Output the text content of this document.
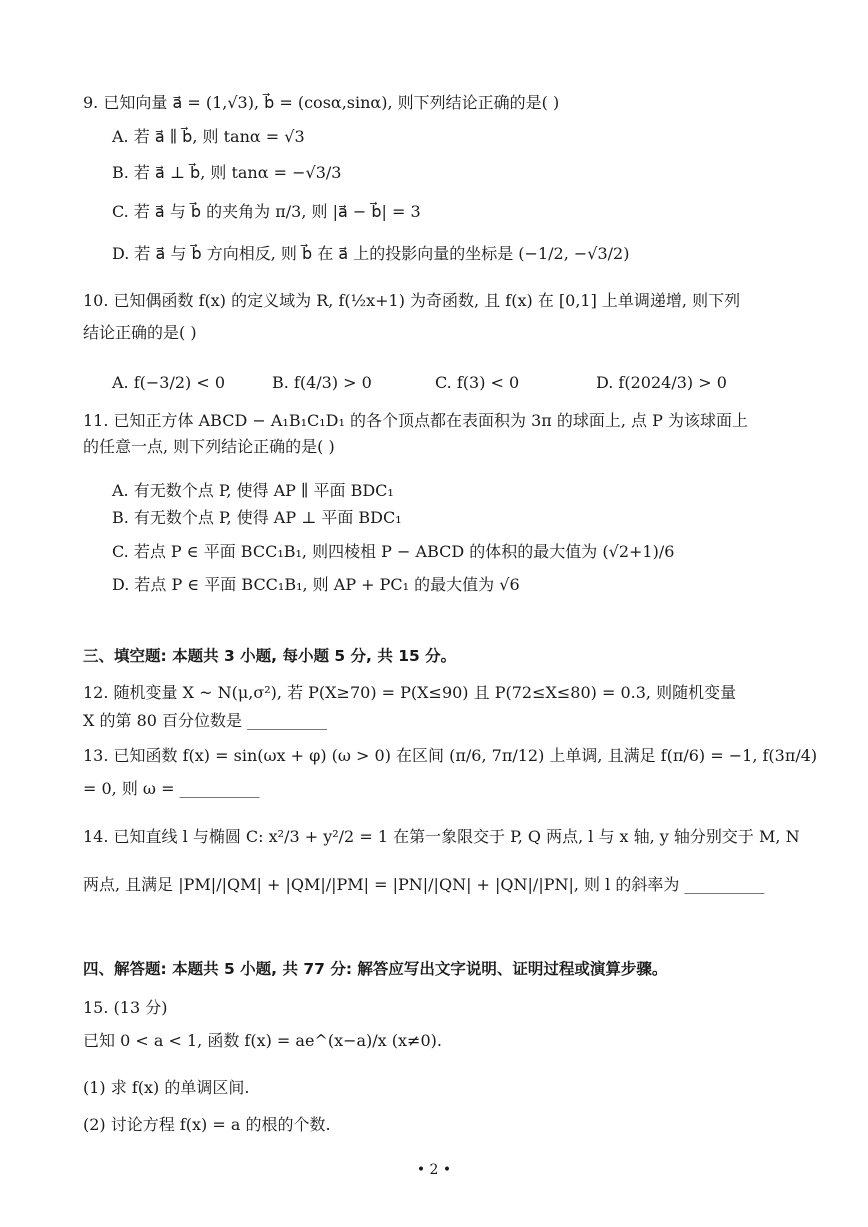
9. 已知向量 a⃗ = (1,√3), b⃗ = (cosα,sinα), 则下列结论正确的是( )
A. 若 a⃗ ∥ b⃗, 则 tanα = √3
B. 若 a⃗ ⊥ b⃗, 则 tanα = −√3/3
C. 若 a⃗ 与 b⃗ 的夹角为 π/3, 则 |a⃗ − b⃗| = 3
D. 若 a⃗ 与 b⃗ 方向相反, 则 b⃗ 在 a⃗ 上的投影向量的坐标是 (−1/2, −√3/2)
10. 已知偶函数 f(x) 的定义域为 R, f(½x+1) 为奇函数, 且 f(x) 在 [0,1] 上单调递增, 则下列
结论正确的是( )
A. f(−3/2) < 0	B. f(4/3) > 0	C. f(3) < 0	D. f(2024/3) > 0
11. 已知正方体 ABCD − A₁B₁C₁D₁ 的各个顶点都在表面积为 3π 的球面上, 点 P 为该球面上
的任意一点, 则下列结论正确的是( )
A. 有无数个点 P, 使得 AP ∥ 平面 BDC₁
B. 有无数个点 P, 使得 AP ⊥ 平面 BDC₁
C. 若点 P ∈ 平面 BCC₁B₁, 则四棱柤 P − ABCD 的体积的最大值为 (√2+1)/6
D. 若点 P ∈ 平面 BCC₁B₁, 则 AP + PC₁ 的最大值为 √6
三、填空题: 本题共 3 小题, 每小题 5 分, 共 15 分。
12. 随机变量 X ~ N(μ,σ²), 若 P(X≥70) = P(X≤90) 且 P(72≤X≤80) = 0.3, 则随机变量
X 的第 80 百分位数是 __________
13. 已知函数 f(x) = sin(ωx + φ) (ω > 0) 在区间 (π/6, 7π/12) 上单调, 且满足 f(π/6) = −1, f(3π/4)
= 0, 则 ω = __________
14. 已知直线 l 与椭圆 C: x²/3 + y²/2 = 1 在第一象限交于 P, Q 两点, l 与 x 轴, y 轴分别交于 M, N
两点, 且满足 |PM|/|QM| + |QM|/|PM| = |PN|/|QN| + |QN|/|PN|, 则 l 的斜率为 __________
四、解答题: 本题共 5 小题, 共 77 分: 解答应写出文字说明、证明过程或演算步骤。
15. (13 分)
已知 0 < a < 1, 函数 f(x) = ae^(x−a)/x (x≠0).
(1) 求 f(x) 的单调区间.
(2) 讨论方程 f(x) = a 的根的个数.
• 2 •
